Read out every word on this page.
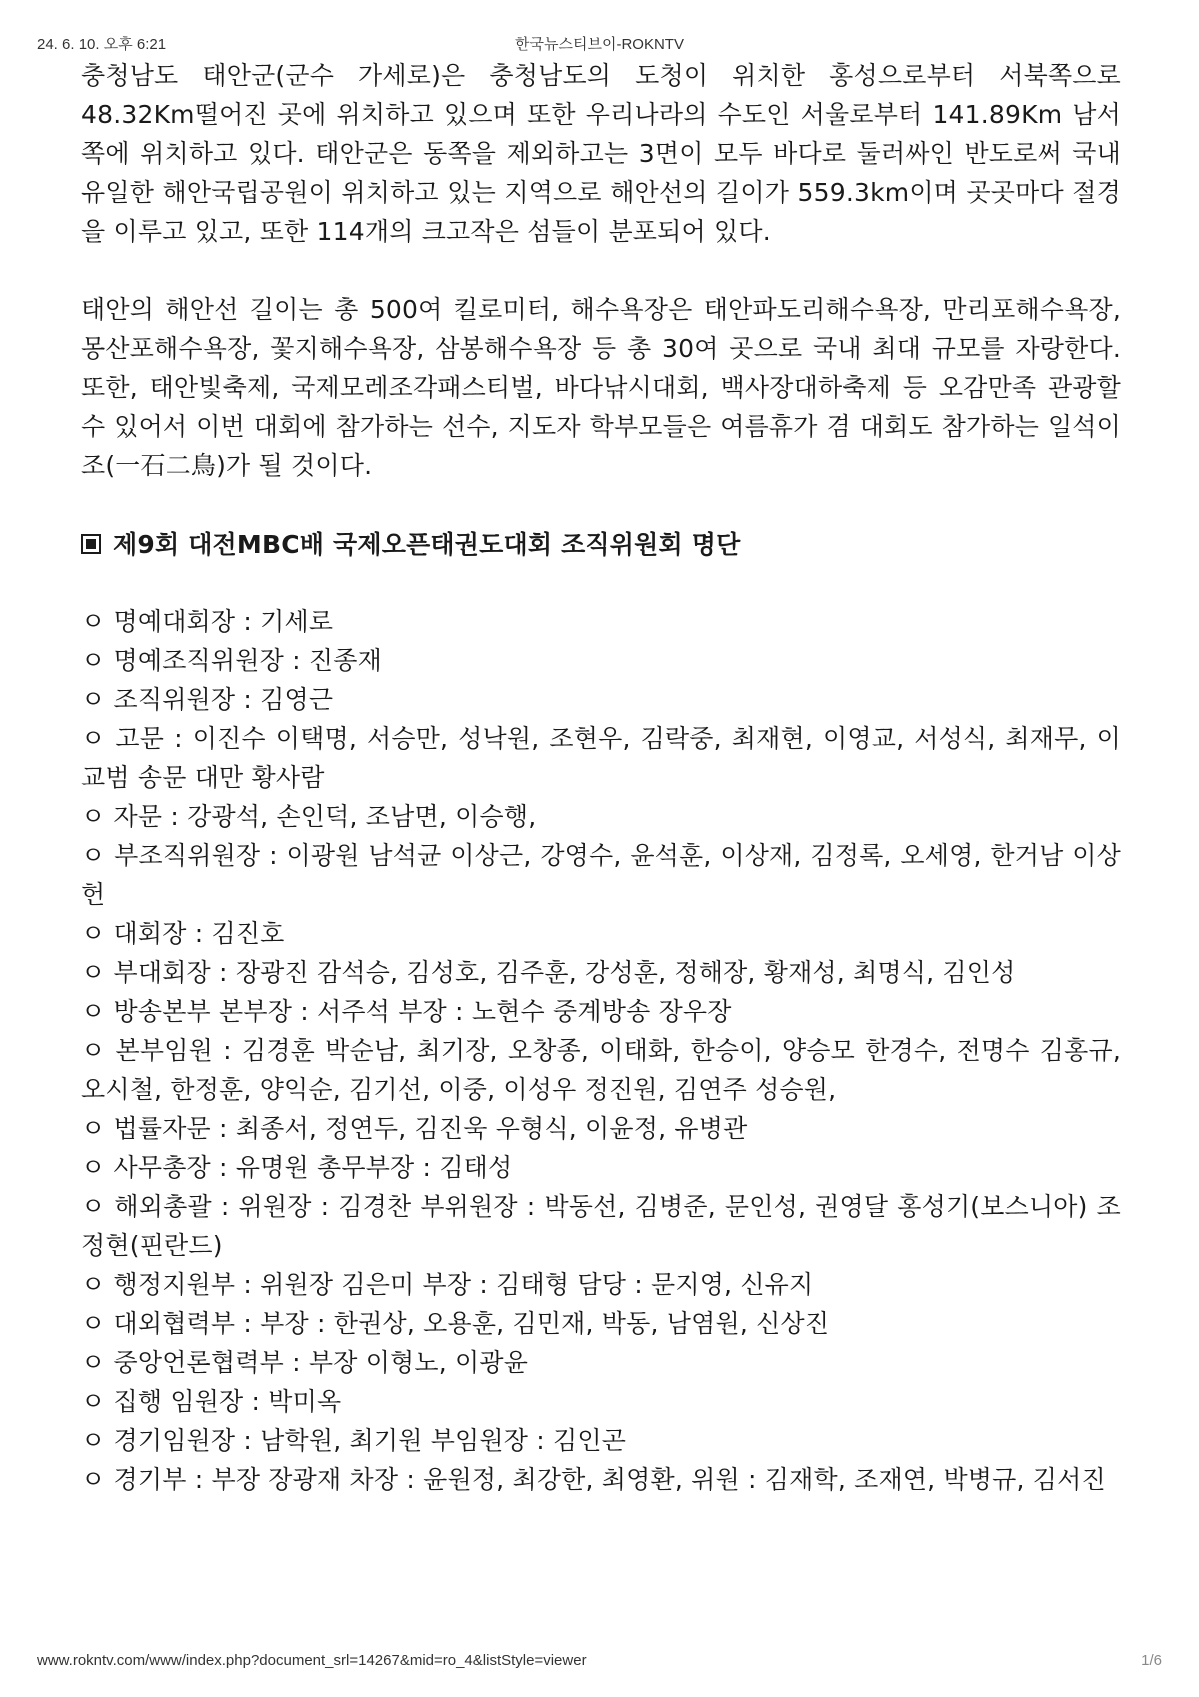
24. 6. 10. 오후 6:21	한국뉴스티브이-ROKNTV

충청남도 태안군(군수 가세로)은 충청남도의 도청이 위치한 홍성으로부터 서북쪽으로 48.32Km떨어진 곳에 위치하고 있으며 또한 우리나라의 수도인 서울로부터 141.89Km 남서쪽에 위치하고 있다. 태안군은 동쪽을 제외하고는 3면이 모두 바다로 둘러싸인 반도로써 국내 유일한 해안국립공원이 위치하고 있는 지역으로 해안선의 길이가 559.3km이며 곳곳마다 절경을 이루고 있고, 또한 114개의 크고작은 섬들이 분포되어 있다.

태안의 해안선 길이는 총 500여 킬로미터, 해수욕장은 태안파도리해수욕장, 만리포해수욕장, 몽산포해수욕장, 꽃지해수욕장, 삼봉해수욕장 등 총 30여 곳으로 국내 최대 규모를 자랑한다. 또한, 태안빛축제, 국제모레조각패스티벌, 바다낚시대회, 백사장대하축제 등 오감만족 관광할 수 있어서 이번 대회에 참가하는 선수, 지도자 학부모들은 여름휴가 겸 대회도 참가하는 일석이조(一石二鳥)가 될 것이다.

제9회 대전MBC배 국제오픈태권도대회 조직위원회 명단
ㅇ 명예대회장 : 기세로
ㅇ 명예조직위원장 : 진종재
ㅇ 조직위원장 : 김영근
ㅇ 고문 : 이진수 이택명, 서승만, 성낙원, 조현우, 김락중, 최재현, 이영교, 서성식, 최재무, 이교범 송문 대만 황사람
ㅇ 자문 : 강광석, 손인덕, 조남면, 이승행,
ㅇ 부조직위원장 : 이광원 남석균 이상근, 강영수, 윤석훈, 이상재, 김정록, 오세영, 한거남 이상헌
ㅇ 대회장 : 김진호
ㅇ 부대회장 : 장광진 감석승, 김성호, 김주훈, 강성훈, 정해장, 황재성, 최명식, 김인성
ㅇ 방송본부 본부장 : 서주석 부장 : 노현수 중계방송 장우장
ㅇ 본부임원 : 김경훈 박순남, 최기장, 오창종, 이태화, 한승이, 양승모 한경수, 전명수 김홍규, 오시철, 한정훈, 양익순, 김기선, 이중, 이성우 정진원, 김연주 성승원,
ㅇ 법률자문 : 최종서, 정연두, 김진욱 우형식, 이윤정, 유병관
ㅇ 사무총장 : 유명원 총무부장 : 김태성
ㅇ 해외총괄 : 위원장 : 김경찬 부위원장 : 박동선, 김병준, 문인성, 권영달 홍성기(보스니아) 조정현(핀란드)
ㅇ 행정지원부 : 위원장 김은미 부장 : 김태형 담당 : 문지영, 신유지
ㅇ 대외협력부 : 부장 : 한권상, 오용훈, 김민재, 박동, 남염원, 신상진
ㅇ 중앙언론협력부 : 부장 이형노, 이광윤
ㅇ 집행 임원장 : 박미옥
ㅇ 경기임원장 : 남학원, 최기원 부임원장 : 김인곤
ㅇ 경기부 : 부장 장광재 차장 : 윤원정, 최강한, 최영환, 위원 : 김재학, 조재연, 박병규, 김서진
www.rokntv.com/www/index.php?document_srl=14267&mid=ro_4&listStyle=viewer	1/6
